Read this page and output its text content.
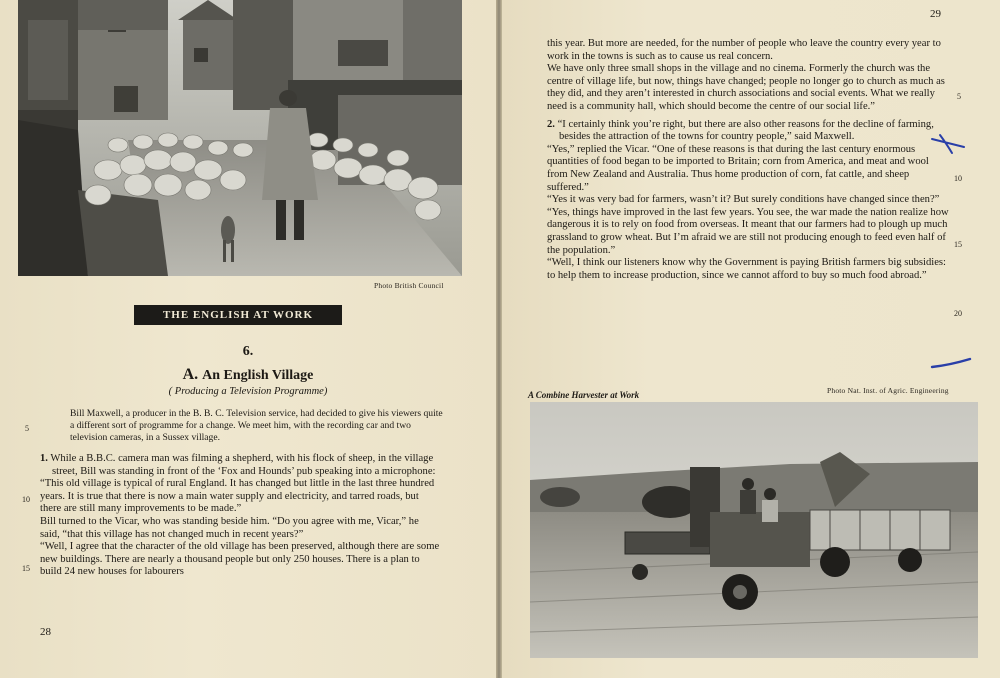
Photo British Council
THE ENGLISH AT WORK
6.
A. An English Village
( Producing a Television Programme)

Bill Maxwell, a producer in the B. B. C. Television service, had decided to give his viewers quite a different sort of programme for a change. We meet him, with the recording car and two television cameras, in a Sussex village.

5

1. While a B.B.C. camera man was filming a shepherd, with his flock of sheep, in the village street, Bill was standing in front of the ‘Fox and Hounds’ pub speaking into a microphone:

“This old village is typical of rural England. It has changed but little in the last three hundred years. It is true that there is now a main water supply and electricity, and tarred roads, but there are still many improvements to be made.”

Bill turned to the Vicar, who was standing beside him. “Do you agree with me, Vicar,” he said, “that this village has not changed much in recent years?”

“Well, I agree that the character of the old village has been preserved, although there are some new buildings. There are nearly a thousand people but only 250 houses. There is a plan to build 24 new houses for labourers

10
15
28
29

this year. But more are needed, for the number of people who leave the country every year to work in the towns is such as to cause us real concern.

We have only three small shops in the village and no cinema. Formerly the church was the centre of village life, but now, things have changed; people no longer go to church as much as they did, and they aren’t interested in church associations and social events. What we really need is a community hall, which should become the centre of our social life.”

2. “I certainly think you’re right, but there are also other reasons for the decline of farming, besides the attraction of the towns for country people,” said Maxwell.

“Yes,” replied the Vicar. “One of these reasons is that during the last century enormous quantities of food began to be imported to Britain; corn from America, and meat and wool from New Zealand and Australia. Thus home production of corn, fat cattle, and sheep suffered.”

“Yes it was very bad for farmers, wasn’t it? But surely conditions have changed since then?”

“Yes, things have improved in the last few years. You see, the war made the nation realize how dangerous it is to rely on food from overseas. It meant that our farmers had to plough up much grassland to grow wheat. But I’m afraid we are still not producing enough to feed even half of the population.”

“Well, I think our listeners know why the Government is paying British farmers big subsidies: to help them to increase production, since we cannot afford to buy so much food abroad.”

5
10
15
20
A Combine Harvester at Work	Photo Nat. Inst. of Agric. Engineering
